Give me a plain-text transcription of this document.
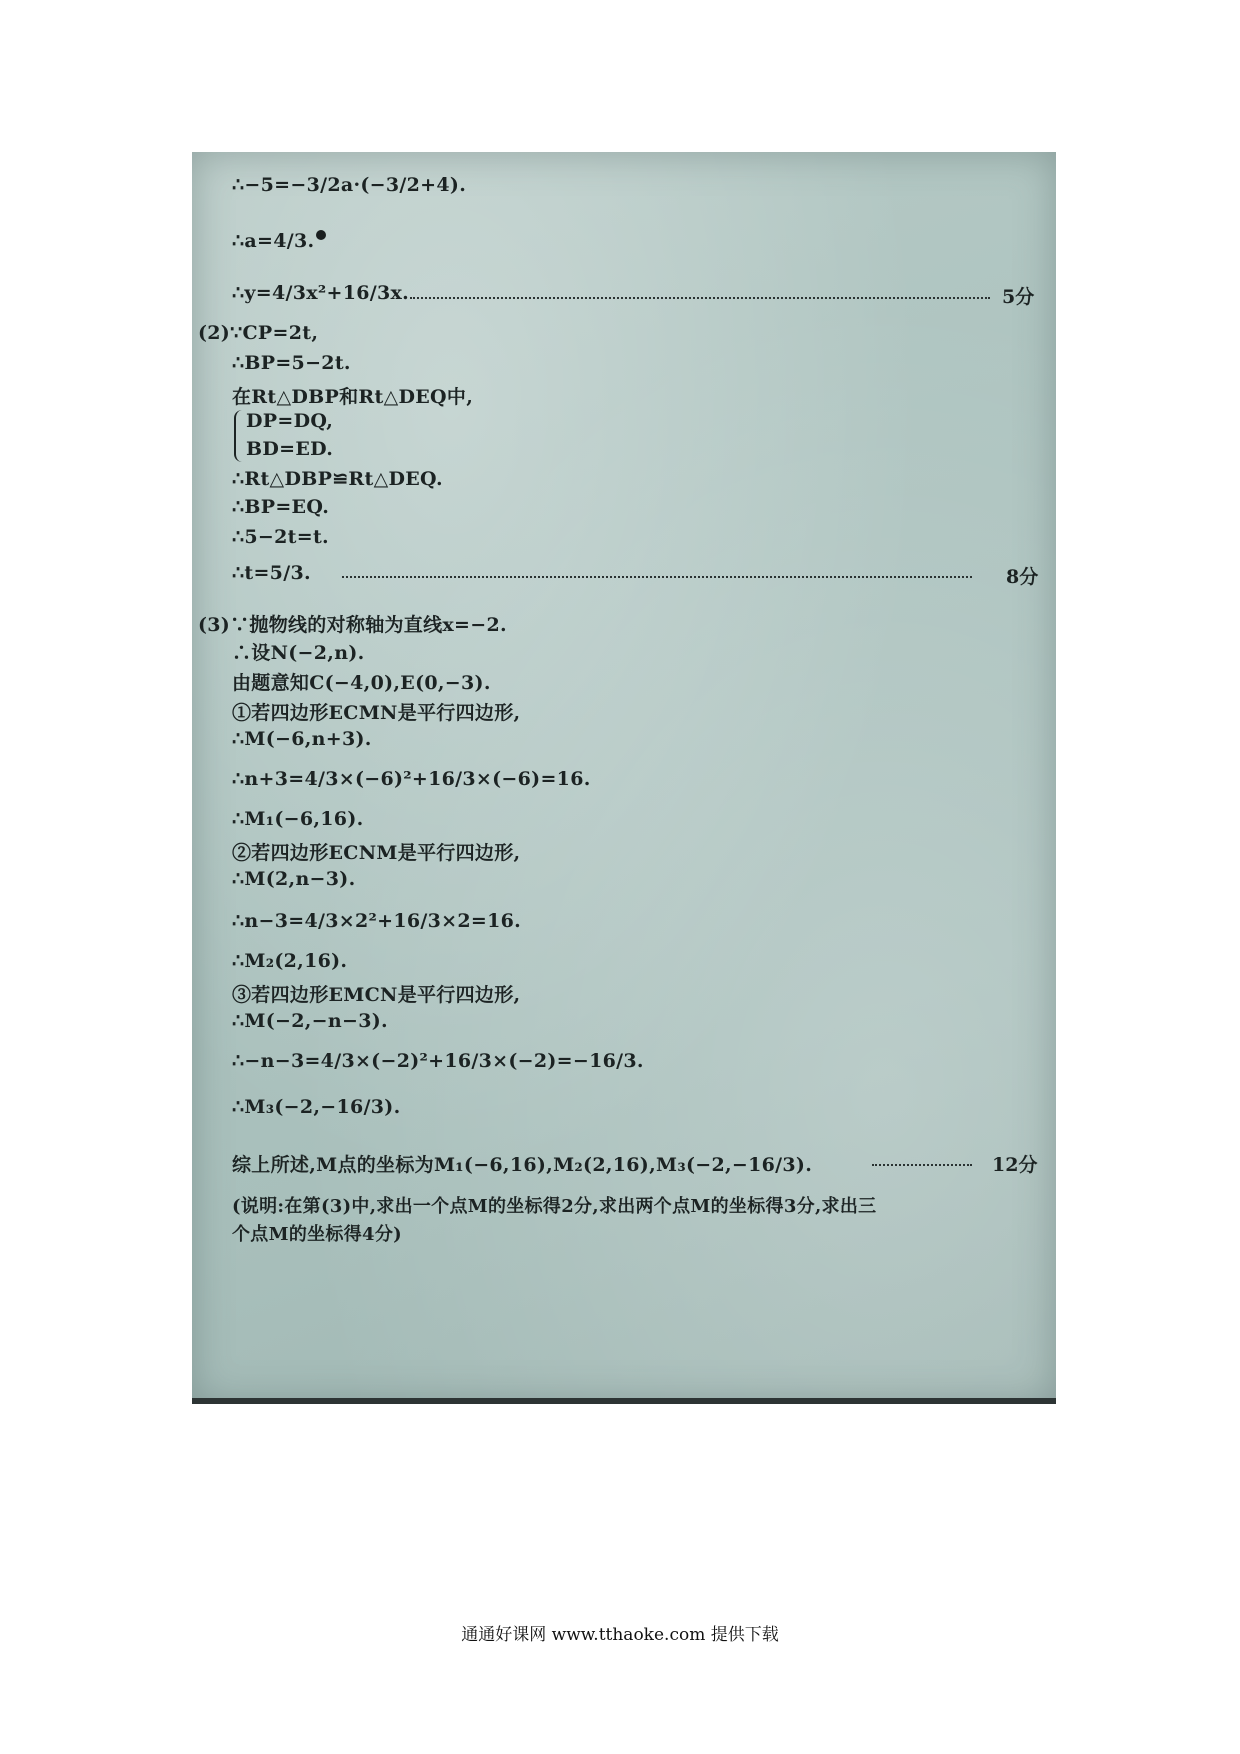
∴−5=−3/2a·(−3/2+4).
∴a=4/3.
∴y=4/3x²+16/3x.	5分
(2)∵CP=2t,
∴BP=5−2t.
在Rt△DBP和Rt△DEQ中,
DP=DQ,
BD=ED.
∴Rt△DBP≌Rt△DEQ.
∴BP=EQ.
∴5−2t=t.
∴t=5/3.	8分
(3)∵抛物线的对称轴为直线x=−2.
∴设N(−2,n).
由题意知C(−4,0),E(0,−3).
①若四边形ECMN是平行四边形,
∴M(−6,n+3).
∴n+3=4/3×(−6)²+16/3×(−6)=16.
∴M₁(−6,16).
②若四边形ECNM是平行四边形,
∴M(2,n−3).
∴n−3=4/3×2²+16/3×2=16.
∴M₂(2,16).
③若四边形EMCN是平行四边形,
∴M(−2,−n−3).
∴−n−3=4/3×(−2)²+16/3×(−2)=−16/3.
∴M₃(−2,−16/3).
综上所述,M点的坐标为M₁(−6,16),M₂(2,16),M₃(−2,−16/3).	12分
(说明:在第(3)中,求出一个点M的坐标得2分,求出两个点M的坐标得3分,求出三
个点M的坐标得4分)
通通好课网 www.tthaoke.com 提供下载
